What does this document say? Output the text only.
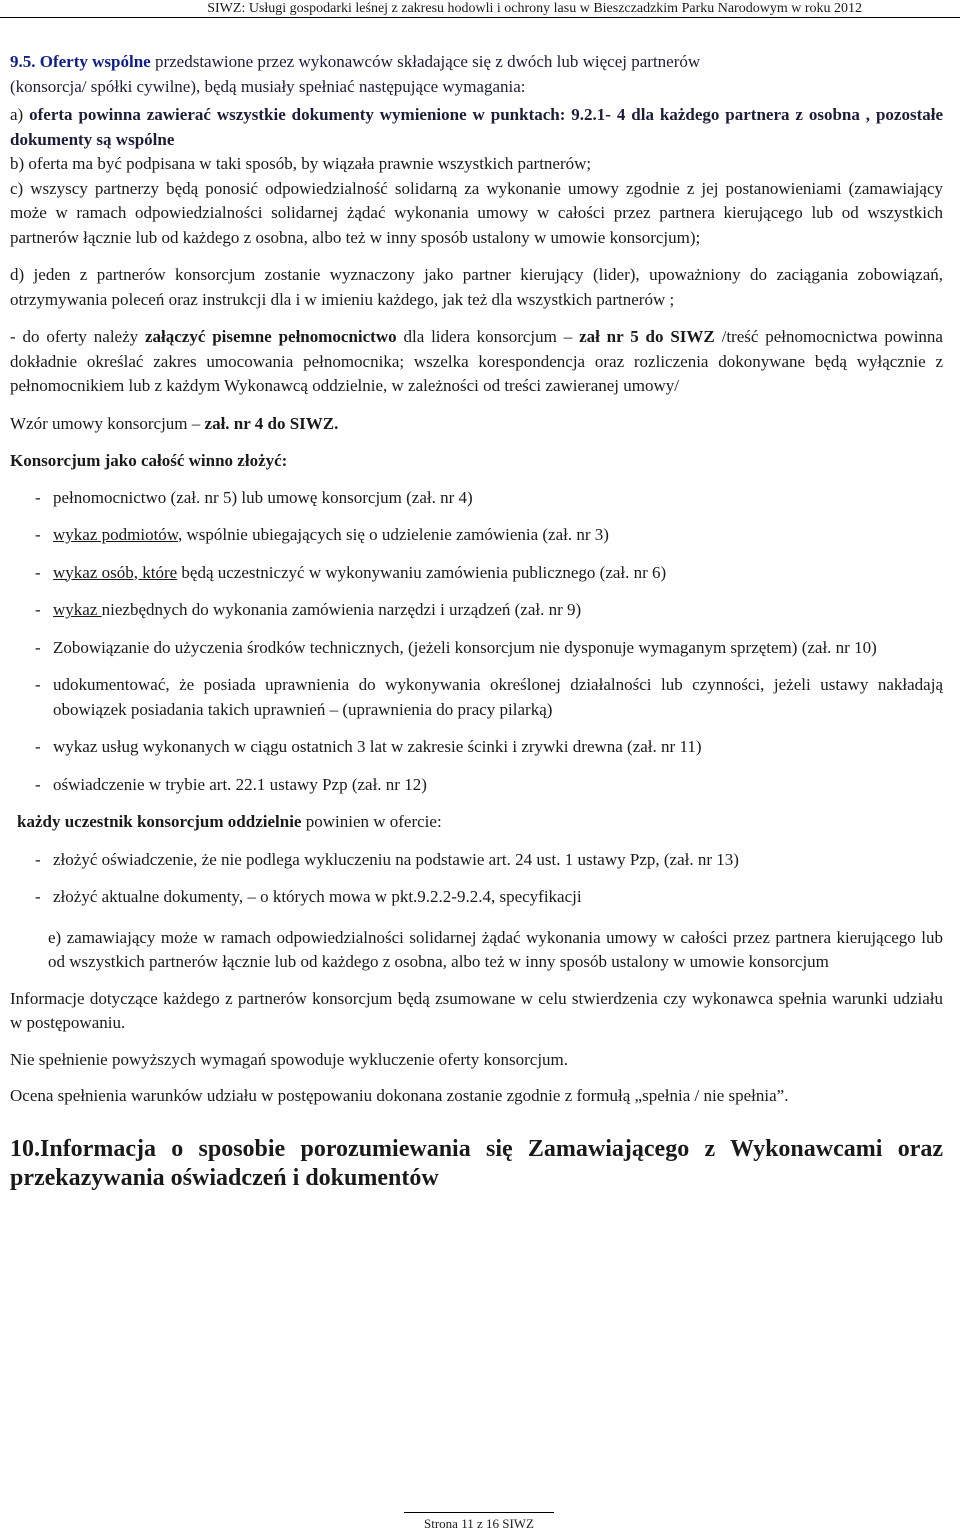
SIWZ: Usługi gospodarki leśnej z zakresu hodowli i ochrony lasu w Bieszczadzkim Parku Narodowym w roku 2012

9.5. Oferty wspólne przedstawione przez wykonawców składające się z dwóch lub więcej partnerów
(konsorcja/ spółki cywilne), będą musiały spełniać następujące wymagania:

a) oferta powinna zawierać wszystkie dokumenty wymienione w punktach: 9.2.1- 4 dla każdego partnera z osobna , pozostałe dokumenty są wspólne

b) oferta ma być podpisana w taki sposób, by wiązała prawnie wszystkich partnerów;

c) wszyscy partnerzy będą ponosić odpowiedzialność solidarną za wykonanie umowy zgodnie z jej postanowieniami (zamawiający może w ramach odpowiedzialności solidarnej żądać wykonania umowy w całości przez partnera kierującego lub od wszystkich partnerów łącznie lub od każdego z osobna, albo też w inny sposób ustalony w umowie konsorcjum);

d) jeden z partnerów konsorcjum zostanie wyznaczony jako partner kierujący (lider), upoważniony do zaciągania zobowiązań, otrzymywania poleceń oraz instrukcji dla i w imieniu każdego, jak też dla wszystkich partnerów ;

- do oferty należy załączyć pisemne pełnomocnictwo dla lidera konsorcjum – zał nr 5 do SIWZ /treść pełnomocnictwa powinna dokładnie określać zakres umocowania pełnomocnika; wszelka korespondencja oraz rozliczenia dokonywane będą wyłącznie z pełnomocnikiem lub z każdym Wykonawcą oddzielnie, w zależności od treści zawieranej umowy/

Wzór umowy konsorcjum – zał. nr 4 do SIWZ.

Konsorcjum jako całość winno złożyć:

- pełnomocnictwo (zał. nr 5) lub umowę konsorcjum (zał. nr 4)
- wykaz podmiotów, wspólnie ubiegających się o udzielenie zamówienia (zał. nr 3)
- wykaz osób, które będą uczestniczyć w wykonywaniu zamówienia publicznego (zał. nr 6)
- wykaz niezbędnych do wykonania zamówienia narzędzi i urządzeń (zał. nr 9)
- Zobowiązanie do użyczenia środków technicznych, (jeżeli konsorcjum nie dysponuje wymaganym sprzętem) (zał. nr 10)
- udokumentować, że posiada uprawnienia do wykonywania określonej działalności lub czynności, jeżeli ustawy nakładają obowiązek posiadania takich uprawnień – (uprawnienia do pracy pilarką)
- wykaz usług wykonanych w ciągu ostatnich 3 lat w zakresie ścinki i zrywki drewna (zał. nr 11)
- oświadczenie w trybie art. 22.1 ustawy Pzp (zał. nr 12)

każdy uczestnik konsorcjum oddzielnie powinien w ofercie:

- złożyć oświadczenie, że nie podlega wykluczeniu na podstawie art. 24 ust. 1 ustawy Pzp, (zał. nr 13)
- złożyć aktualne dokumenty, – o których mowa w pkt.9.2.2-9.2.4, specyfikacji

e) zamawiający może w ramach odpowiedzialności solidarnej żądać wykonania umowy w całości przez partnera kierującego lub od wszystkich partnerów łącznie lub od każdego z osobna, albo też w inny sposób ustalony w umowie konsorcjum

Informacje dotyczące każdego z partnerów konsorcjum będą zsumowane w celu stwierdzenia czy wykonawca spełnia warunki udziału w postępowaniu.

Nie spełnienie powyższych wymagań spowoduje wykluczenie oferty konsorcjum.

Ocena spełnienia warunków udziału w postępowaniu dokonana zostanie zgodnie z formułą „spełnia / nie spełnia”.

10.Informacja o sposobie porozumiewania się Zamawiającego z Wykonawcami oraz przekazywania oświadczeń i dokumentów

Strona 11 z 16 SIWZ
